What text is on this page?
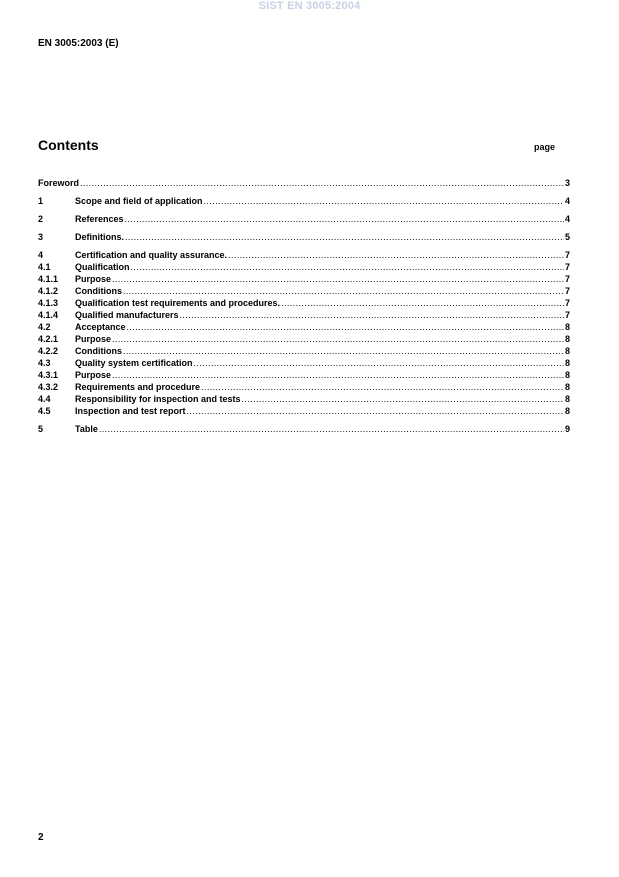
SIST EN 3005:2004
EN 3005:2003 (E)
Contents	page
Foreword .....	3
1	Scope and field of application .....	4
2	References .....	4
3	Definitions. .....	5
4	Certification and quality assurance. .....	7
4.1	Qualification .....	7
4.1.1	Purpose .....	7
4.1.2	Conditions .....	7
4.1.3	Qualification test requirements and procedures. .....	7
4.1.4	Qualified manufacturers .....	7
4.2	Acceptance .....	8
4.2.1	Purpose .....	8
4.2.2	Conditions .....	8
4.3	Quality system certification .....	8
4.3.1	Purpose .....	8
4.3.2	Requirements and procedure .....	8
4.4	Responsibility for inspection and tests .....	8
4.5	Inspection and test report .....	8
5	Table .....	9
2
